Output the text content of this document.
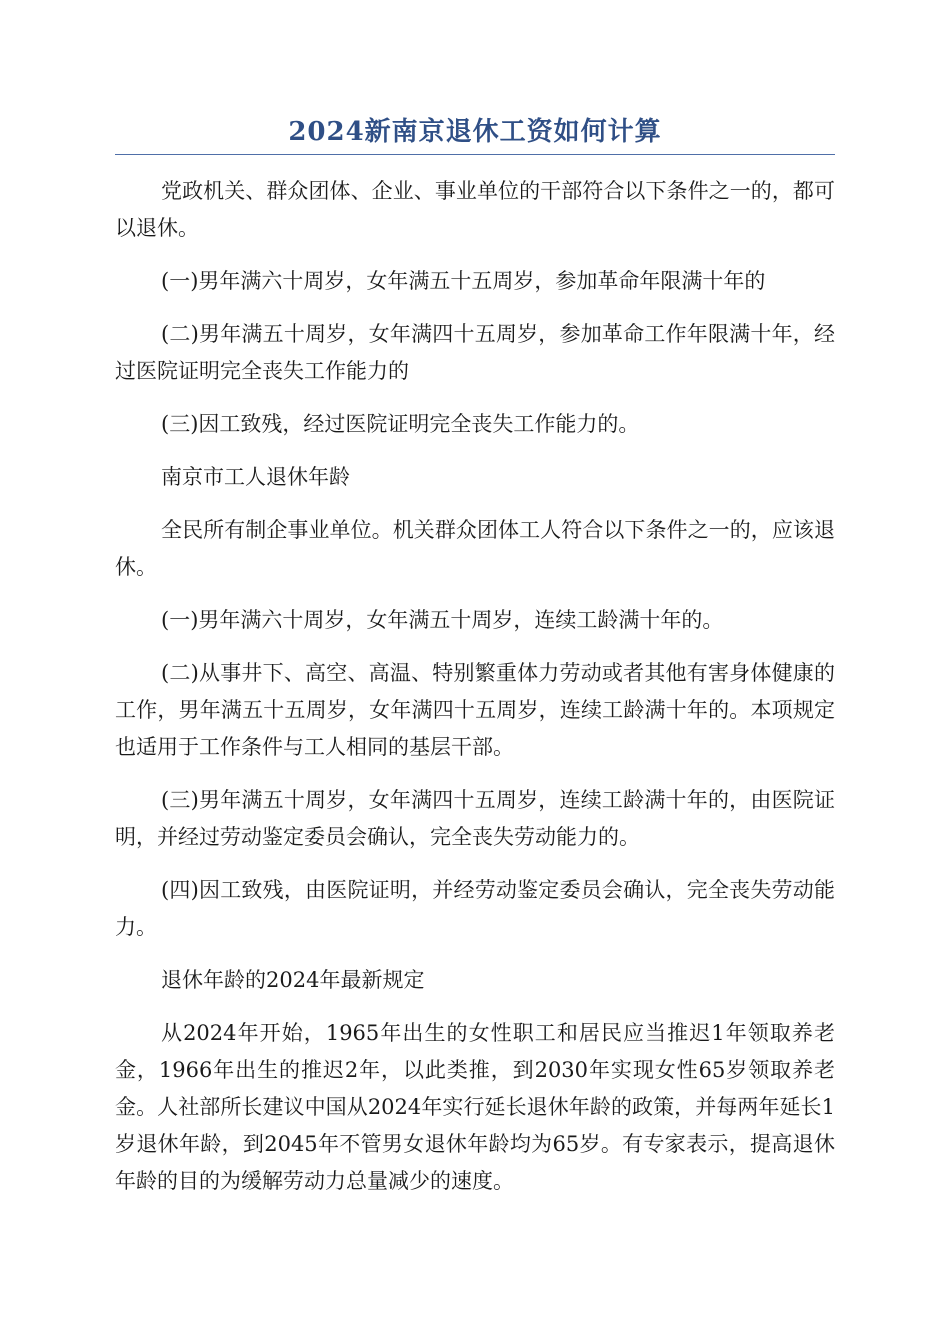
2024新南京退休工资如何计算

党政机关、群众团体、企业、事业单位的干部符合以下条件之一的，都可以退休。

(一)男年满六十周岁，女年满五十五周岁，参加革命年限满十年的

(二)男年满五十周岁，女年满四十五周岁，参加革命工作年限满十年，经过医院证明完全丧失工作能力的

(三)因工致残，经过医院证明完全丧失工作能力的。

南京市工人退休年龄

全民所有制企事业单位。机关群众团体工人符合以下条件之一的，应该退休。

(一)男年满六十周岁，女年满五十周岁，连续工龄满十年的。

(二)从事井下、高空、高温、特别繁重体力劳动或者其他有害身体健康的工作，男年满五十五周岁，女年满四十五周岁，连续工龄满十年的。本项规定也适用于工作条件与工人相同的基层干部。

(三)男年满五十周岁，女年满四十五周岁，连续工龄满十年的，由医院证明，并经过劳动鉴定委员会确认，完全丧失劳动能力的。

(四)因工致残，由医院证明，并经劳动鉴定委员会确认，完全丧失劳动能力。

退休年龄的2024年最新规定

从2024年开始，1965年出生的女性职工和居民应当推迟1年领取养老金，1966年出生的推迟2年，以此类推，到2030年实现女性65岁领取养老金。人社部所长建议中国从2024年实行延长退休年龄的政策，并每两年延长1岁退休年龄，到2045年不管男女退休年龄均为65岁。有专家表示，提高退休年龄的目的为缓解劳动力总量减少的速度。
